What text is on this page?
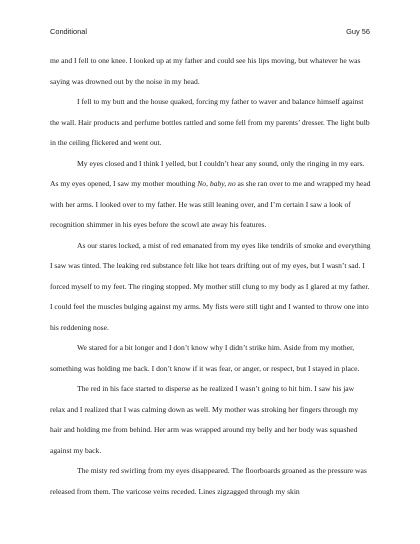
Conditional	Guy 56

me and I fell to one knee. I looked up at my father and could see his lips moving, but whatever he was saying was drowned out by the noise in my head.

I fell to my butt and the house quaked, forcing my father to waver and balance himself against the wall. Hair products and perfume bottles rattled and some fell from my parents’ dresser. The light bulb in the ceiling flickered and went out.

My eyes closed and I think I yelled, but I couldn’t hear any sound, only the ringing in my ears. As my eyes opened, I saw my mother mouthing No, baby, no as she ran over to me and wrapped my head with her arms. I looked over to my father. He was still leaning over, and I’m certain I saw a look of recognition shimmer in his eyes before the scowl ate away his features.

As our stares locked, a mist of red emanated from my eyes like tendrils of smoke and everything I saw was tinted. The leaking red substance felt like hot tears drifting out of my eyes, but I wasn’t sad. I forced myself to my feet. The ringing stopped. My mother still clung to my body as I glared at my father. I could feel the muscles bulging against my arms. My fists were still tight and I wanted to throw one into his reddening nose.

We stared for a bit longer and I don’t know why I didn’t strike him. Aside from my mother, something was holding me back. I don’t know if it was fear, or anger, or respect, but I stayed in place.

The red in his face started to disperse as he realized I wasn’t going to hit him. I saw his jaw relax and I realized that I was calming down as well. My mother was stroking her fingers through my hair and holding me from behind. Her arm was wrapped around my belly and her body was squashed against my back.

The misty red swirling from my eyes disappeared. The floorboards groaned as the pressure was released from them. The varicose veins receded. Lines zigzagged through my skin
